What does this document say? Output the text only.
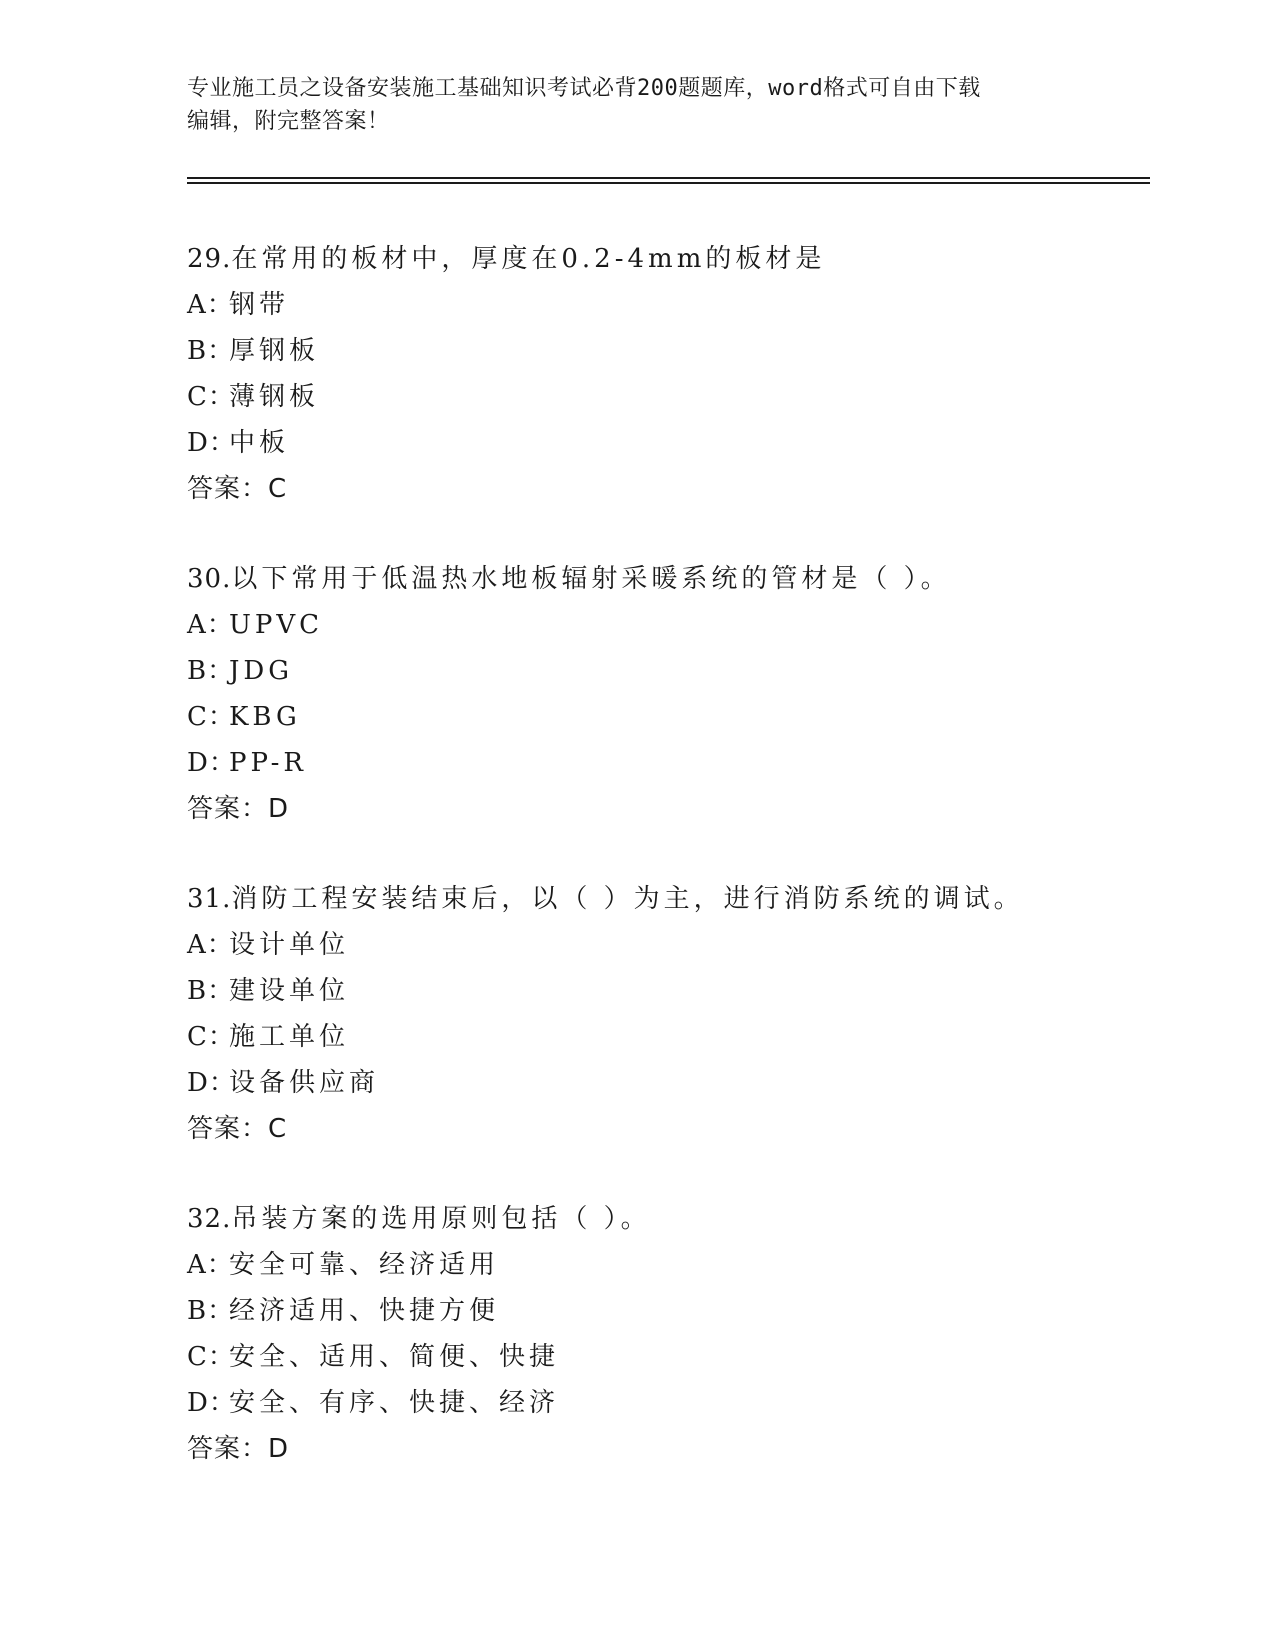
专业施工员之设备安装施工基础知识考试必背200题题库，word格式可自由下载
编辑，附完整答案！
29.在常用的板材中，厚度在0.2-4mm的板材是
A：钢带
B：厚钢板
C：薄钢板
D：中板
答案：C
30.以下常用于低温热水地板辐射采暖系统的管材是（ ）。
A：UPVC
B：JDG
C：KBG
D：PP-R
答案：D
31.消防工程安装结束后，以（ ）为主，进行消防系统的调试。
A：设计单位
B：建设单位
C：施工单位
D：设备供应商
答案：C
32.吊装方案的选用原则包括（ ）。
A：安全可靠、经济适用
B：经济适用、快捷方便
C：安全、适用、简便、快捷
D：安全、有序、快捷、经济
答案：D
